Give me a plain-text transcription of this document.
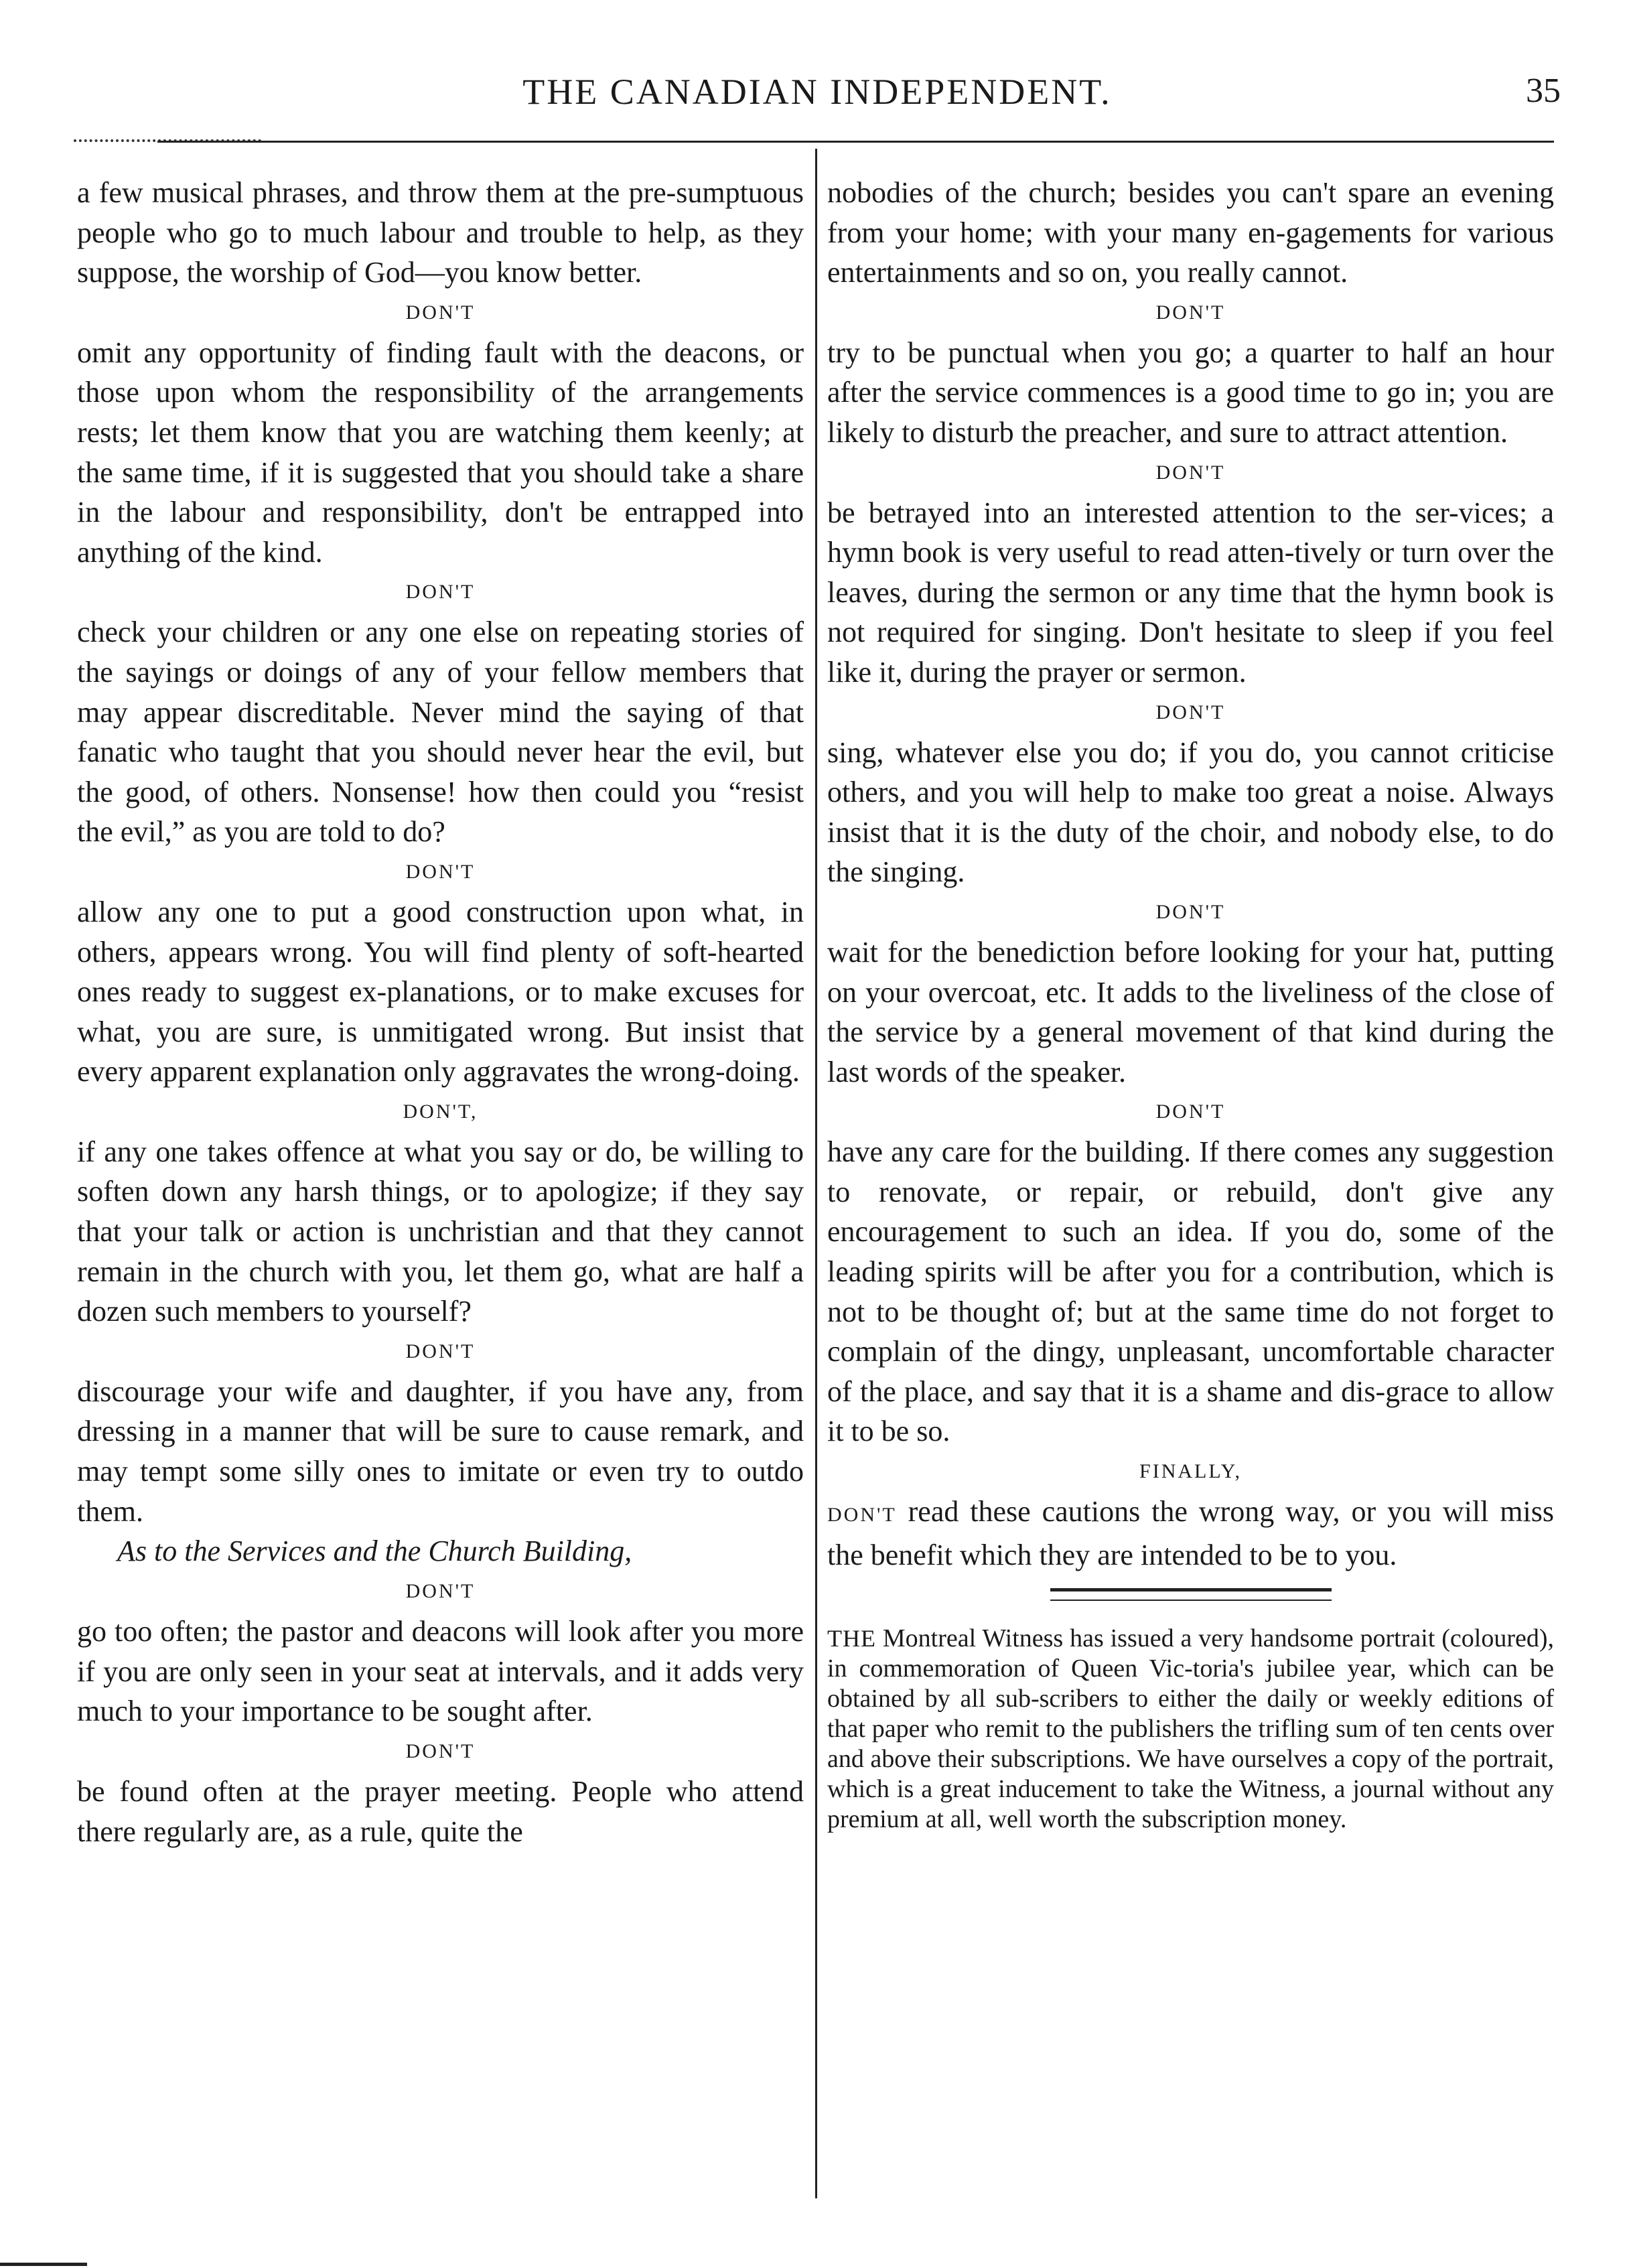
THE CANADIAN INDEPENDENT.	35

a few musical phrases, and throw them at the pre-sumptuous people who go to much labour and trouble to help, as they suppose, the worship of God—you know better.

DON'T

omit any opportunity of finding fault with the deacons, or those upon whom the responsibility of the arrangements rests; let them know that you are watching them keenly; at the same time, if it is suggested that you should take a share in the labour and responsibility, don't be entrapped into anything of the kind.

DON'T

check your children or any one else on repeating stories of the sayings or doings of any of your fellow members that may appear discreditable. Never mind the saying of that fanatic who taught that you should never hear the evil, but the good, of others. Nonsense! how then could you “resist the evil,” as you are told to do?

DON'T

allow any one to put a good construction upon what, in others, appears wrong. You will find plenty of soft-hearted ones ready to suggest ex-planations, or to make excuses for what, you are sure, is unmitigated wrong. But insist that every apparent explanation only aggravates the wrong-doing.

DON'T,

if any one takes offence at what you say or do, be willing to soften down any harsh things, or to apologize; if they say that your talk or action is unchristian and that they cannot remain in the church with you, let them go, what are half a dozen such members to yourself?

DON'T

discourage your wife and daughter, if you have any, from dressing in a manner that will be sure to cause remark, and may tempt some silly ones to imitate or even try to outdo them.

As to the Services and the Church Building,

DON'T

go too often; the pastor and deacons will look after you more if you are only seen in your seat at intervals, and it adds very much to your importance to be sought after.

DON'T

be found often at the prayer meeting. People who attend there regularly are, as a rule, quite the

nobodies of the church; besides you can't spare an evening from your home; with your many en-gagements for various entertainments and so on, you really cannot.

DON'T

try to be punctual when you go; a quarter to half an hour after the service commences is a good time to go in; you are likely to disturb the preacher, and sure to attract attention.

DON'T

be betrayed into an interested attention to the ser-vices; a hymn book is very useful to read atten-tively or turn over the leaves, during the sermon or any time that the hymn book is not required for singing. Don't hesitate to sleep if you feel like it, during the prayer or sermon.

DON'T

sing, whatever else you do; if you do, you cannot criticise others, and you will help to make too great a noise. Always insist that it is the duty of the choir, and nobody else, to do the singing.

DON'T

wait for the benediction before looking for your hat, putting on your overcoat, etc. It adds to the liveliness of the close of the service by a general movement of that kind during the last words of the speaker.

DON'T

have any care for the building. If there comes any suggestion to renovate, or repair, or rebuild, don't give any encouragement to such an idea. If you do, some of the leading spirits will be after you for a contribution, which is not to be thought of; but at the same time do not forget to complain of the dingy, unpleasant, uncomfortable character of the place, and say that it is a shame and dis-grace to allow it to be so.

FINALLY,

DON'T read these cautions the wrong way, or you will miss the benefit which they are intended to be to you.

THE Montreal Witness has issued a very handsome portrait (coloured), in commemoration of Queen Vic-toria's jubilee year, which can be obtained by all sub-scribers to either the daily or weekly editions of that paper who remit to the publishers the trifling sum of ten cents over and above their subscriptions. We have ourselves a copy of the portrait, which is a great inducement to take the Witness, a journal without any premium at all, well worth the subscription money.
